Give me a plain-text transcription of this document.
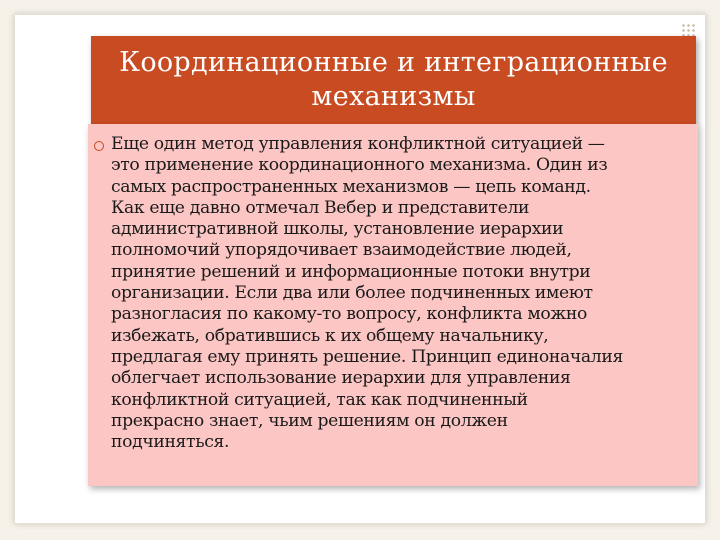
Координационные и интеграционные механизмы
Еще один метод управления конфликтной ситуацией —
это применение координационного механизма. Один из
самых распространенных механизмов — цепь команд.
Как еще давно отмечал Вебер и представители
административной школы, установление иерархии
полномочий упорядочивает взаимодействие людей,
принятие решений и информационные потоки внутри
организации. Если два или более подчиненных имеют
разногласия по какому-то вопросу, конфликта можно
избежать, обратившись к их общему начальнику,
предлагая ему принять решение. Принцип единоначалия
облегчает использование иерархии для управления
конфликтной ситуацией, так как подчиненный
прекрасно знает, чьим решениям он должен
подчиняться.
